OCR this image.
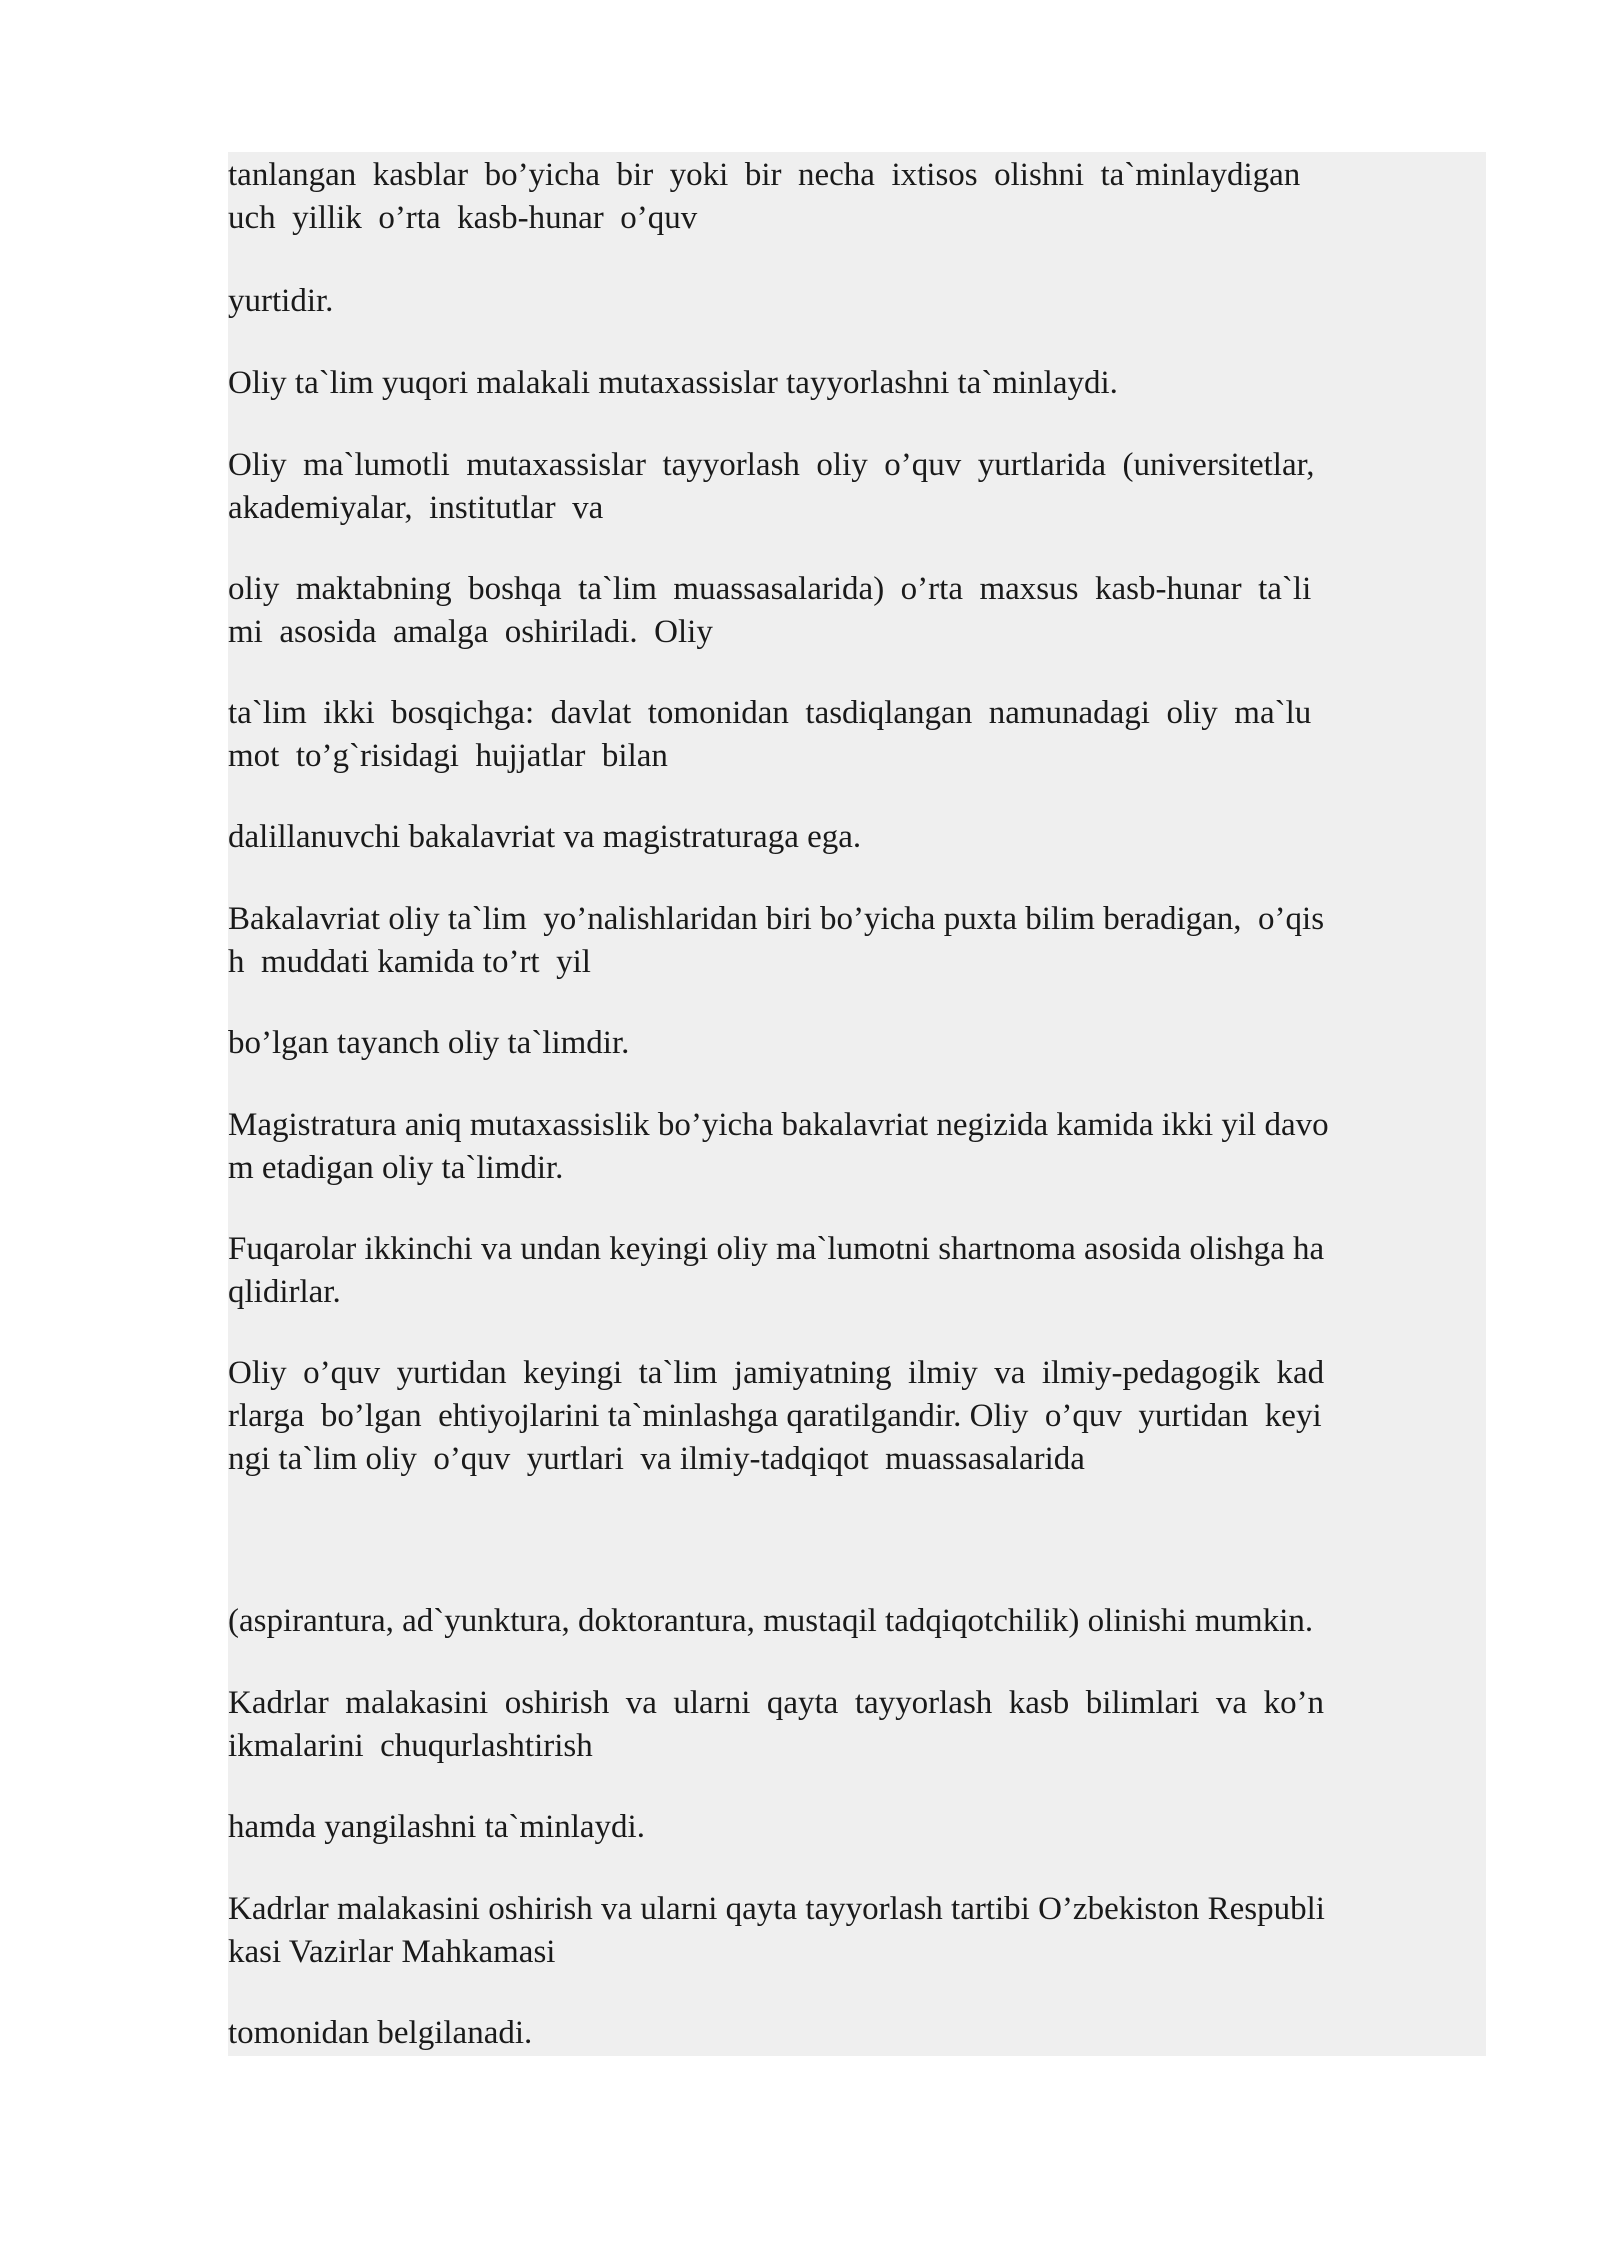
tanlangan  kasblar  bo’yicha  bir  yoki  bir  necha  ixtisos  olishni  ta`minlaydigan
uch  yillik  o’rta  kasb-hunar  o’quv

yurtidir.

Oliy ta`lim yuqori malakali mutaxassislar tayyorlashni ta`minlaydi.

Oliy  ma`lumotli  mutaxassislar  tayyorlash  oliy  o’quv  yurtlarida  (universitetlar,
akademiyalar,  institutlar  va

oliy  maktabning  boshqa  ta`lim  muassasalarida)  o’rta  maxsus  kasb-hunar  ta`li
mi  asosida  amalga  oshiriladi.  Oliy

ta`lim  ikki  bosqichga:  davlat  tomonidan  tasdiqlangan  namunadagi  oliy  ma`lu
mot  to’g`risidagi  hujjatlar  bilan

dalillanuvchi bakalavriat va magistraturaga ega.

Bakalavriat oliy ta`lim  yo’nalishlaridan biri bo’yicha puxta bilim beradigan,  o’qis
h  muddati kamida to’rt  yil

bo’lgan tayanch oliy ta`limdir.

Magistratura aniq mutaxassislik bo’yicha bakalavriat negizida kamida ikki yil davo
m etadigan oliy ta`limdir.

Fuqarolar ikkinchi va undan keyingi oliy ma`lumotni shartnoma asosida olishga ha
qlidirlar.

Oliy  o’quv  yurtidan  keyingi  ta`lim  jamiyatning  ilmiy  va  ilmiy-pedagogik  kad
rlarga  bo’lgan  ehtiyojlarini ta`minlashga qaratilgandir. Oliy  o’quv  yurtidan  keyi
ngi ta`lim oliy  o’quv  yurtlari  va ilmiy-tadqiqot  muassasalarida

(aspirantura, ad`yunktura, doktorantura, mustaqil tadqiqotchilik) olinishi mumkin.

Kadrlar  malakasini  oshirish  va  ularni  qayta  tayyorlash  kasb  bilimlari  va  ko’n
ikmalarini  chuqurlashtirish

hamda yangilashni ta`minlaydi.

Kadrlar malakasini oshirish va ularni qayta tayyorlash tartibi O’zbekiston Respubli
kasi Vazirlar Mahkamasi

tomonidan belgilanadi.
